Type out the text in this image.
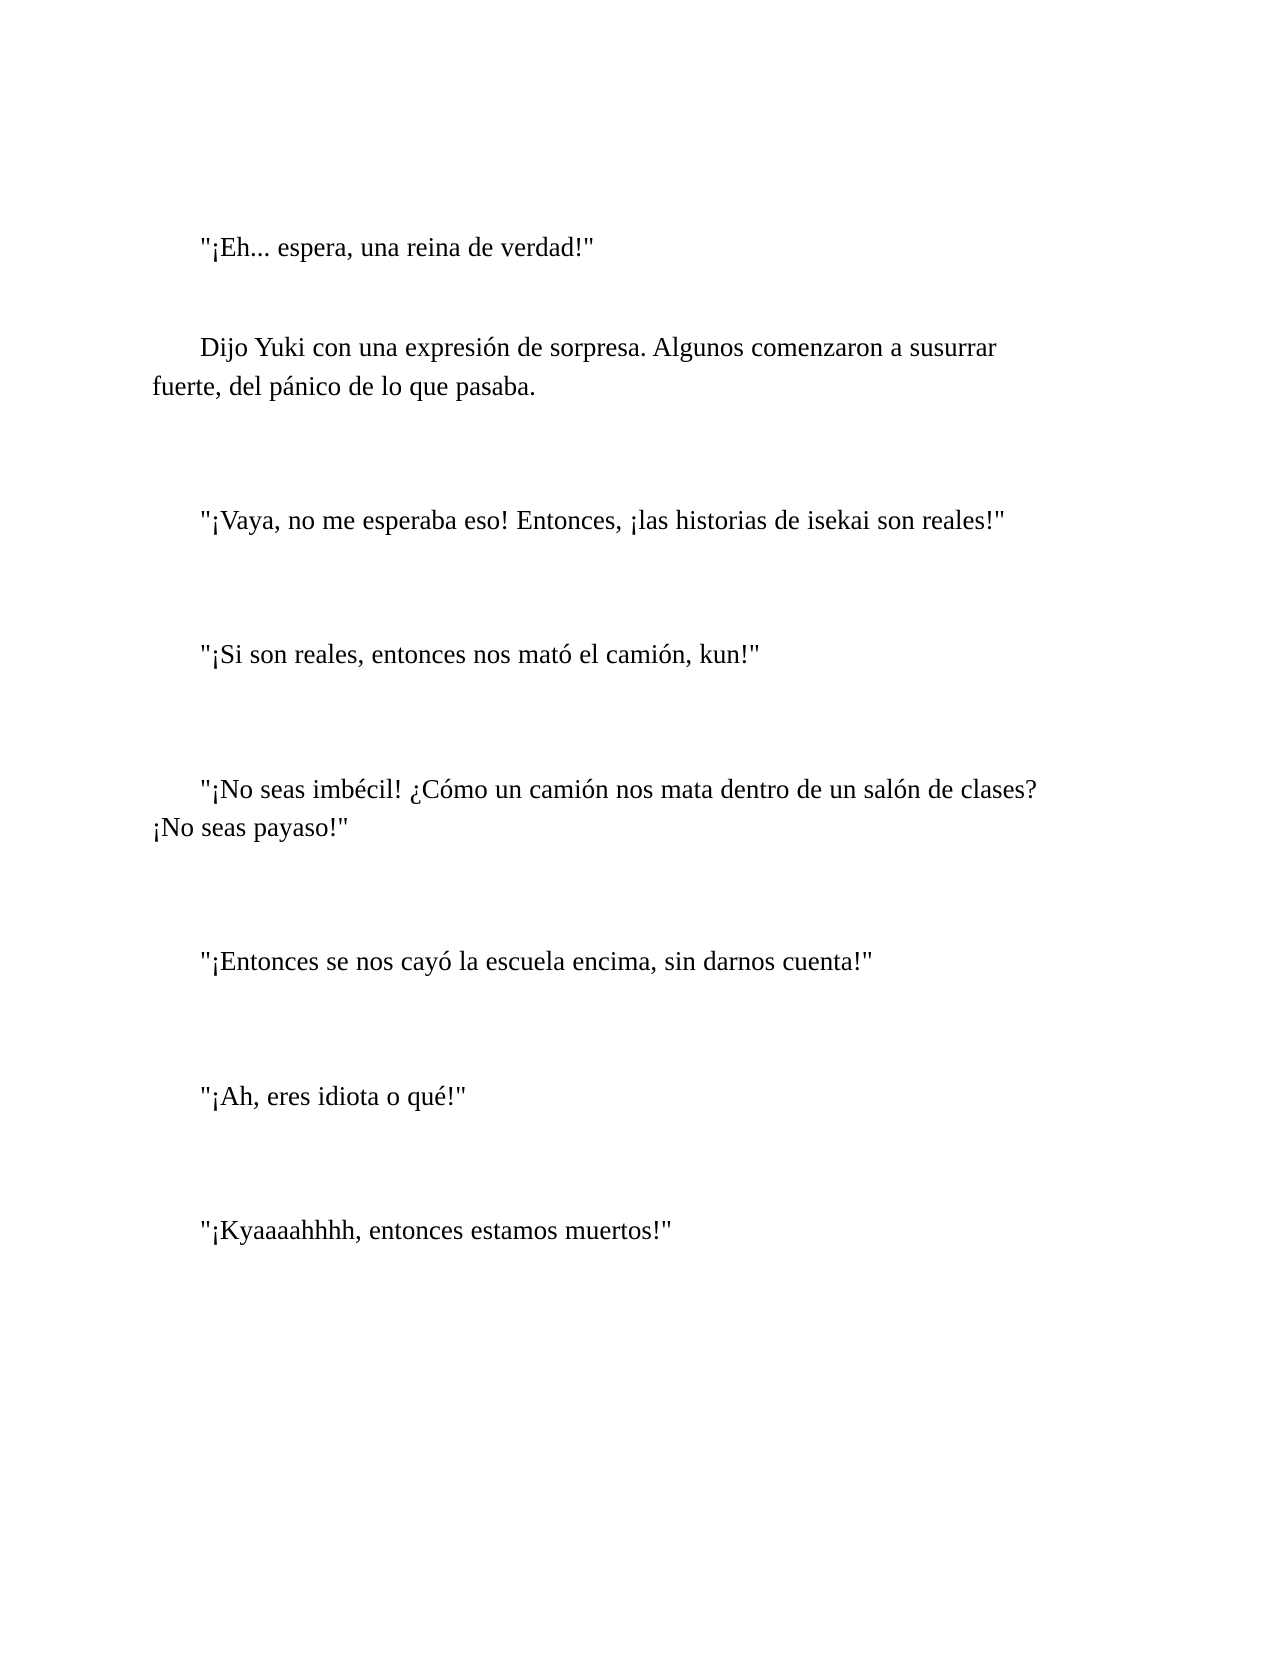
"¡Eh... espera, una reina de verdad!"

Dijo Yuki con una expresión de sorpresa. Algunos comenzaron a susurrar fuerte, del pánico de lo que pasaba.

"¡Vaya, no me esperaba eso! Entonces, ¡las historias de isekai son reales!"

"¡Si son reales, entonces nos mató el camión, kun!"

"¡No seas imbécil! ¿Cómo un camión nos mata dentro de un salón de clases? ¡No seas payaso!"

"¡Entonces se nos cayó la escuela encima, sin darnos cuenta!"

"¡Ah, eres idiota o qué!"

"¡Kyaaaahhhh, entonces estamos muertos!"
